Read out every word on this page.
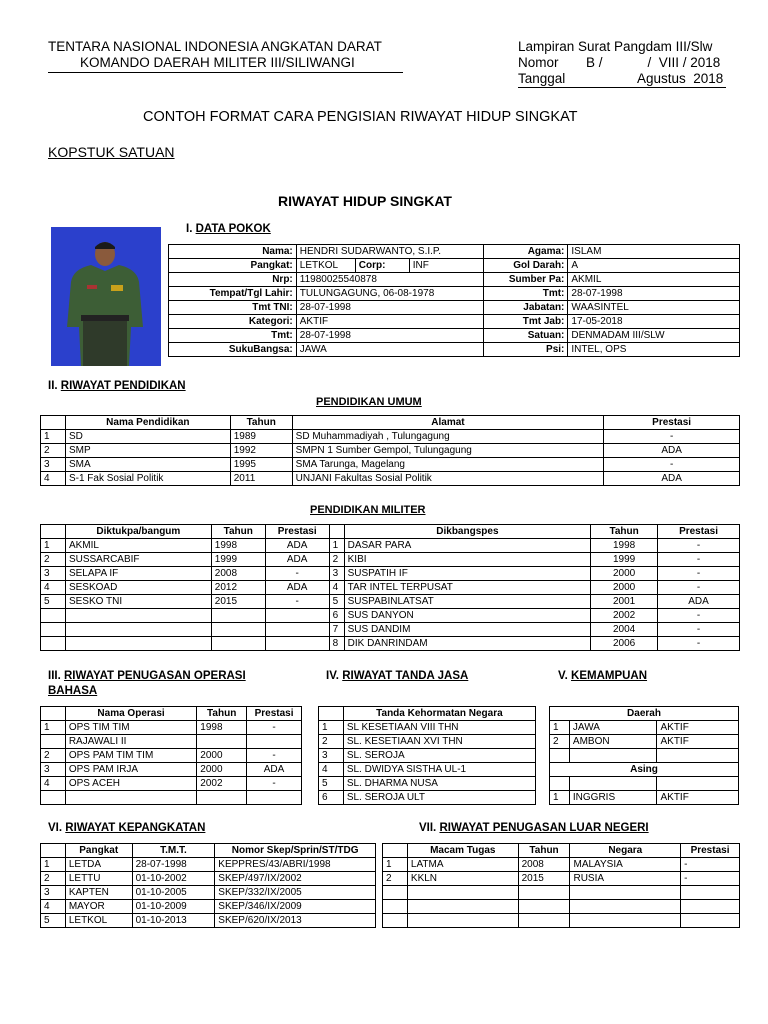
TENTARA NASIONAL INDONESIA ANGKATAN DARAT
KOMANDO DAERAH MILITER III/SILIWANGI
Lampiran Surat Pangdam III/Slw
Nomor B /            /  VIII / 2018
Tanggal	Agustus  2018
CONTOH FORMAT CARA PENGISIAN RIWAYAT HIDUP SINGKAT
KOPSTUK SATUAN
RIWAYAT HIDUP SINGKAT
I. DATA POKOK
Nama:	HENDRI SUDARWANTO, S.I.P.	Agama:	ISLAM
Pangkat:	LETKOL Corp: INF	Gol Darah:	A
Nrp:	11980025540878	Sumber Pa:	AKMIL
Tempat/Tgl Lahir:	TULUNGAGUNG, 06-08-1978	Tmt:	28-07-1998
Tmt TNI:	28-07-1998	Jabatan:	WAASINTEL
Kategori:	AKTIF	Tmt Jab:	17-05-2018
Tmt:	28-07-1998	Satuan:	DENMADAM III/SLW
SukuBangsa:	JAWA	Psi:	INTEL, OPS
II. RIWAYAT PENDIDIKAN
PENDIDIKAN UMUM
	Nama Pendidikan	Tahun	Alamat	Prestasi
1	SD	1989	SD Muhammadiyah , Tulungagung	-
2	SMP	1992	SMPN 1 Sumber Gempol, Tulungagung	ADA
3	SMA	1995	SMA Tarunga, Magelang	-
4	S-1 Fak Sosial Politik	2011	UNJANI Fakultas Sosial Politik	ADA
PENDIDIKAN MILITER
	Diktukpa/bangum	Tahun	Prestasi		Dikbangspes	Tahun	Prestasi
1	AKMIL	1998	ADA	1	DASAR PARA	1998	-
2	SUSSARCABIF	1999	ADA	2	KIBI	1999	-
3	SELAPA IF	2008	-	3	SUSPATIH IF	2000	-
4	SESKOAD	2012	ADA	4	TAR INTEL TERPUSAT	2000	-
5	SESKO TNI	2015	-	5	SUSPABINLATSAT	2001	ADA
				6	SUS DANYON	2002	-
				7	SUS DANDIM	2004	-
				8	DIK DANRINDAM	2006	-
III. RIWAYAT PENUGASAN OPERASI
BAHASA
IV. RIWAYAT TANDA JASA	V. KEMAMPUAN
	Nama Operasi	Tahun	Prestasi
1	OPS TIM TIM	1998	-
	RAJAWALI II		
2	OPS PAM TIM TIM	2000	-
3	OPS PAM IRJA	2000	ADA
4	OPS ACEH	2002	-

	Tanda Kehormatan Negara
1	SL KESETIAAN VIII THN
2	SL. KESETIAAN XVI THN
3	SL. SEROJA
4	SL. DWIDYA SISTHA UL-1
5	SL. DHARMA NUSA
6	SL. SEROJA ULT
Daerah		
1	JAWA	AKTIF
2	AMBON	AKTIF

Asing		

1	INGGRIS	AKTIF
VI. RIWAYAT KEPANGKATAN	VII. RIWAYAT PENUGASAN LUAR NEGERI
	Pangkat	T.M.T.	Nomor Skep/Sprin/ST/TDG
1	LETDA	28-07-1998	KEPPRES/43/ABRI/1998
2	LETTU	01-10-2002	SKEP/497/IX/2002
3	KAPTEN	01-10-2005	SKEP/332/IX/2005
4	MAYOR	01-10-2009	SKEP/346/IX/2009
5	LETKOL	01-10-2013	SKEP/620/IX/2013
	Macam Tugas	Tahun	Negara	Prestasi
1	LATMA	2008	MALAYSIA	-
2	KKLN	2015	RUSIA	-
